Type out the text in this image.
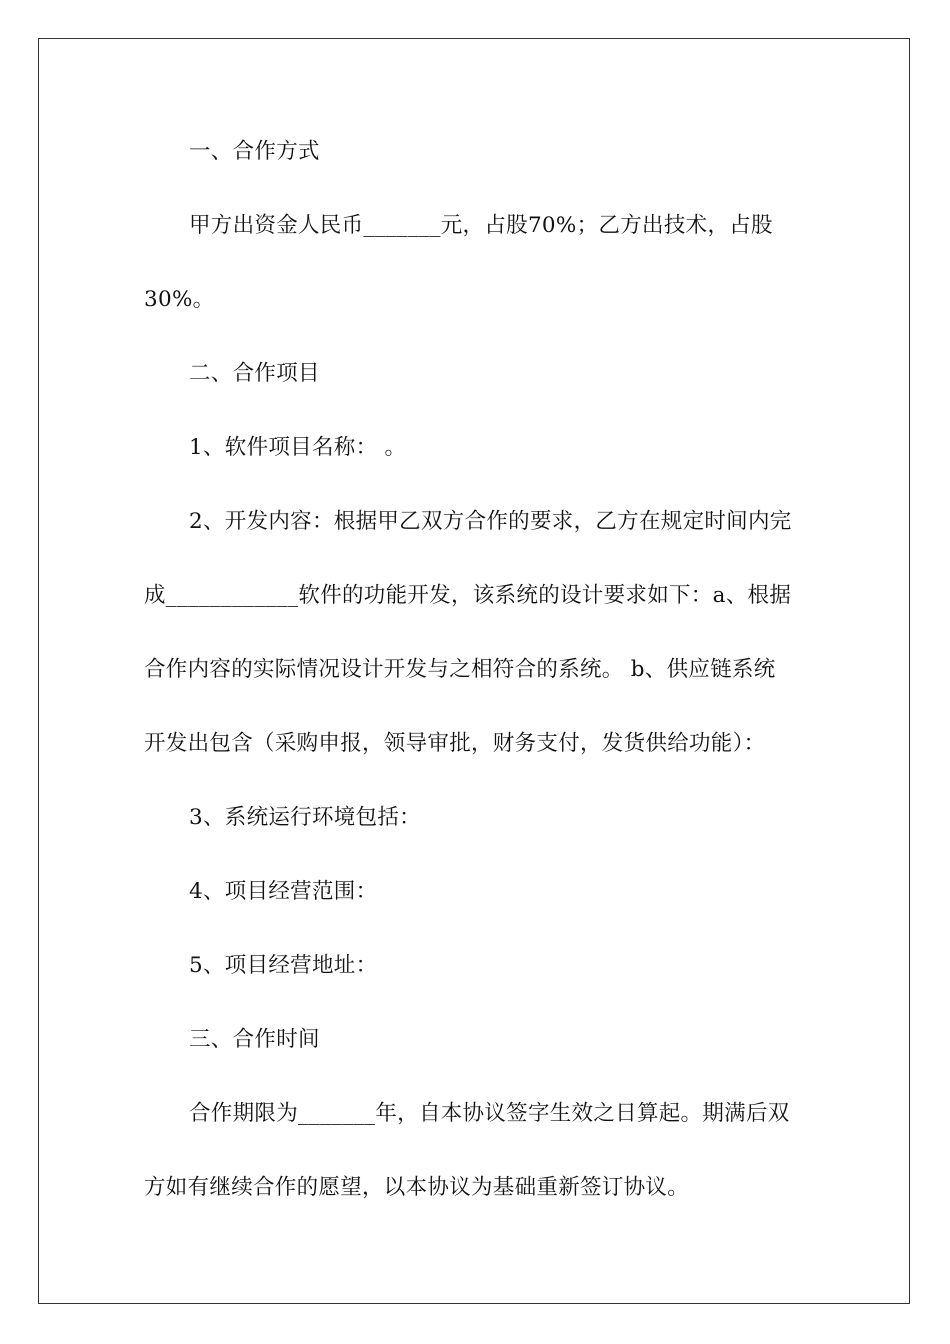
一、合作方式
甲方出资金人民币_______元，占股70%；乙方出技术，占股
30%。
二、合作项目
1、软件项目名称： 。
2、开发内容：根据甲乙双方合作的要求，乙方在规定时间内完
成____________软件的功能开发，该系统的设计要求如下：a、根据
合作内容的实际情况设计开发与之相符合的系统。 b、供应链系统
开发出包含（采购申报，领导审批，财务支付，发货供给功能）：
3、系统运行环境包括：
4、项目经营范围：
5、项目经营地址：
三、合作时间
合作期限为_______年，自本协议签字生效之日算起。期满后双
方如有继续合作的愿望，以本协议为基础重新签订协议。
